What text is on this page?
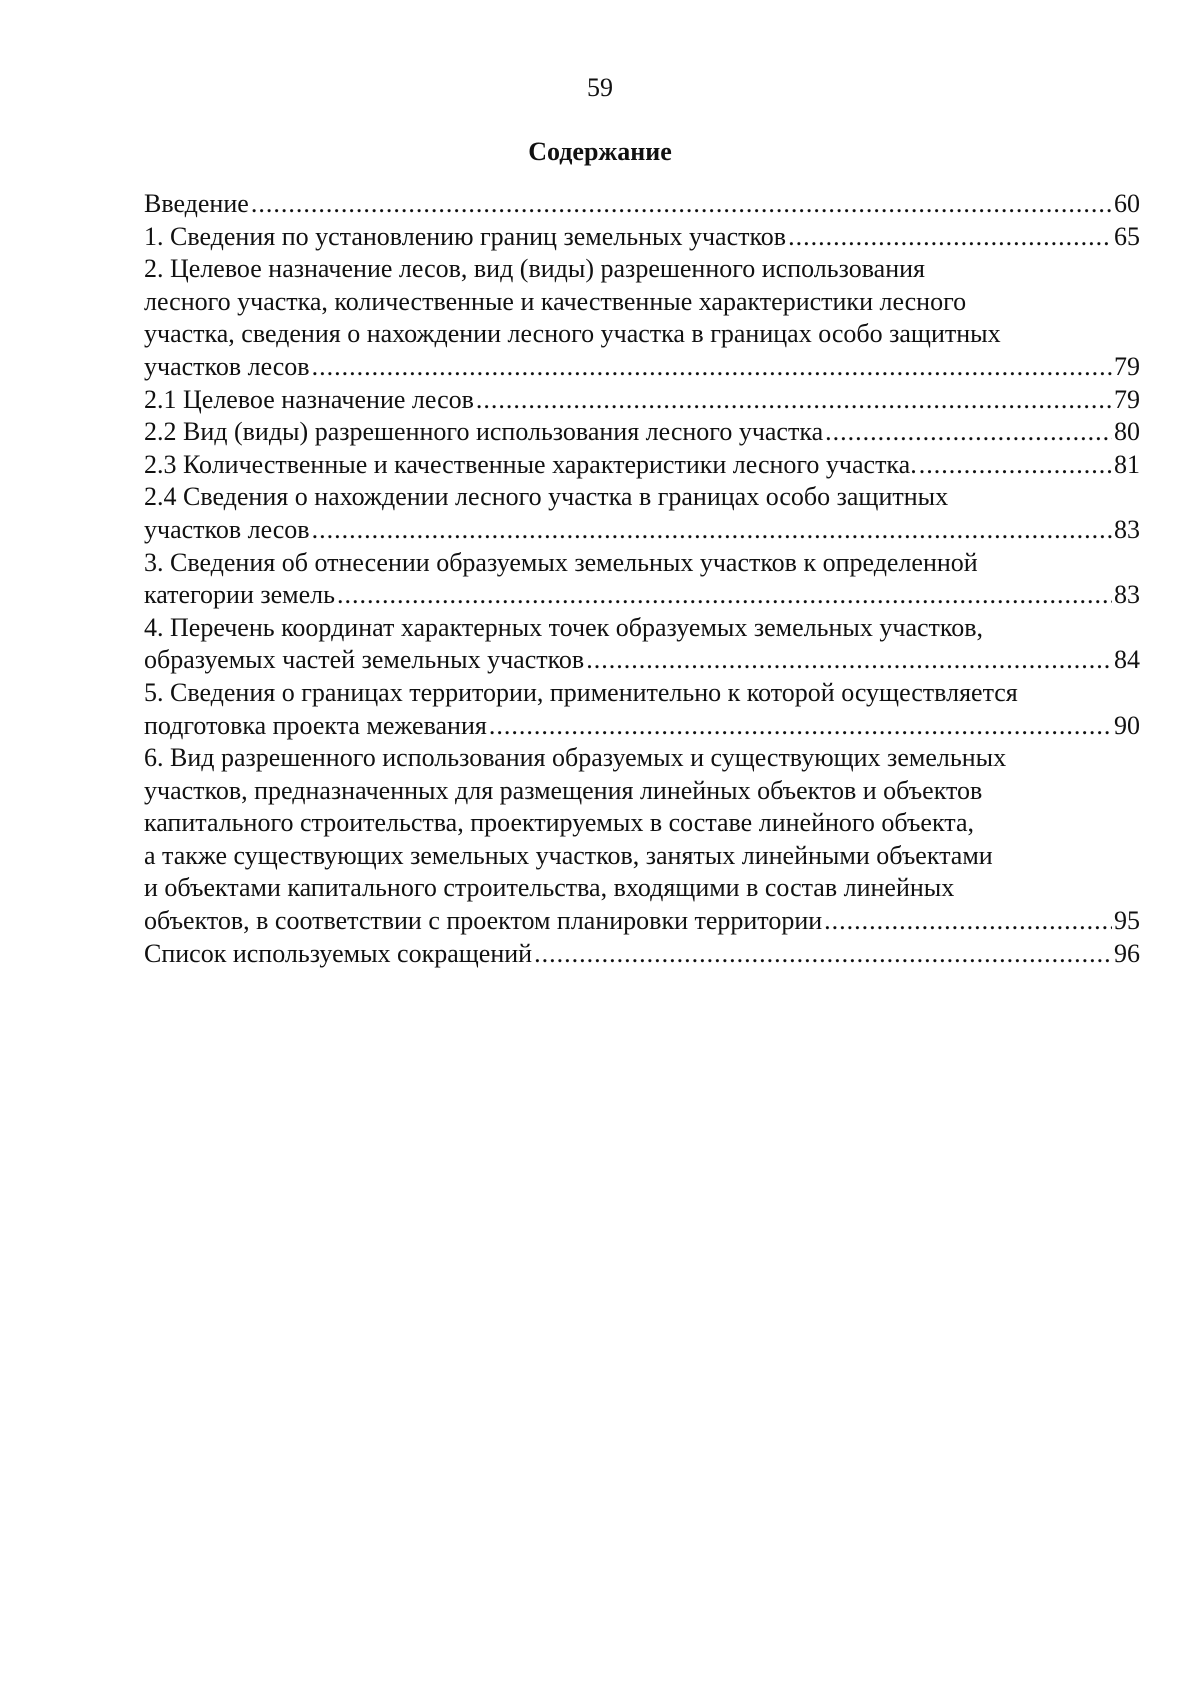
59
Содержание
Введение .....	60
1. Сведения по установлению границ земельных участков .....	65
2. Целевое назначение лесов, вид (виды) разрешенного использования
лесного участка, количественные и качественные характеристики лесного
участка, сведения о нахождении лесного участка в границах особо защитных
участков лесов .....	79
2.1 Целевое назначение лесов .....	79
2.2 Вид (виды) разрешенного использования лесного участка .....	80
2.3 Количественные и качественные характеристики лесного участка. .....	81
2.4 Сведения о нахождении лесного участка в границах особо защитных
участков лесов .....	83
3. Сведения об отнесении образуемых земельных участков к определенной
категории земель .....	83
4. Перечень координат характерных точек образуемых земельных участков,
образуемых частей земельных участков .....	84
5. Сведения о границах территории, применительно к которой осуществляется
подготовка проекта межевания .....	90
6. Вид разрешенного использования образуемых и существующих земельных
участков, предназначенных для размещения линейных объектов и объектов
капитального строительства, проектируемых в составе линейного объекта,
а также существующих земельных участков, занятых линейными объектами
и объектами капитального строительства, входящими в состав линейных
объектов, в соответствии с проектом планировки территории .....	95
Список используемых сокращений .....	96
